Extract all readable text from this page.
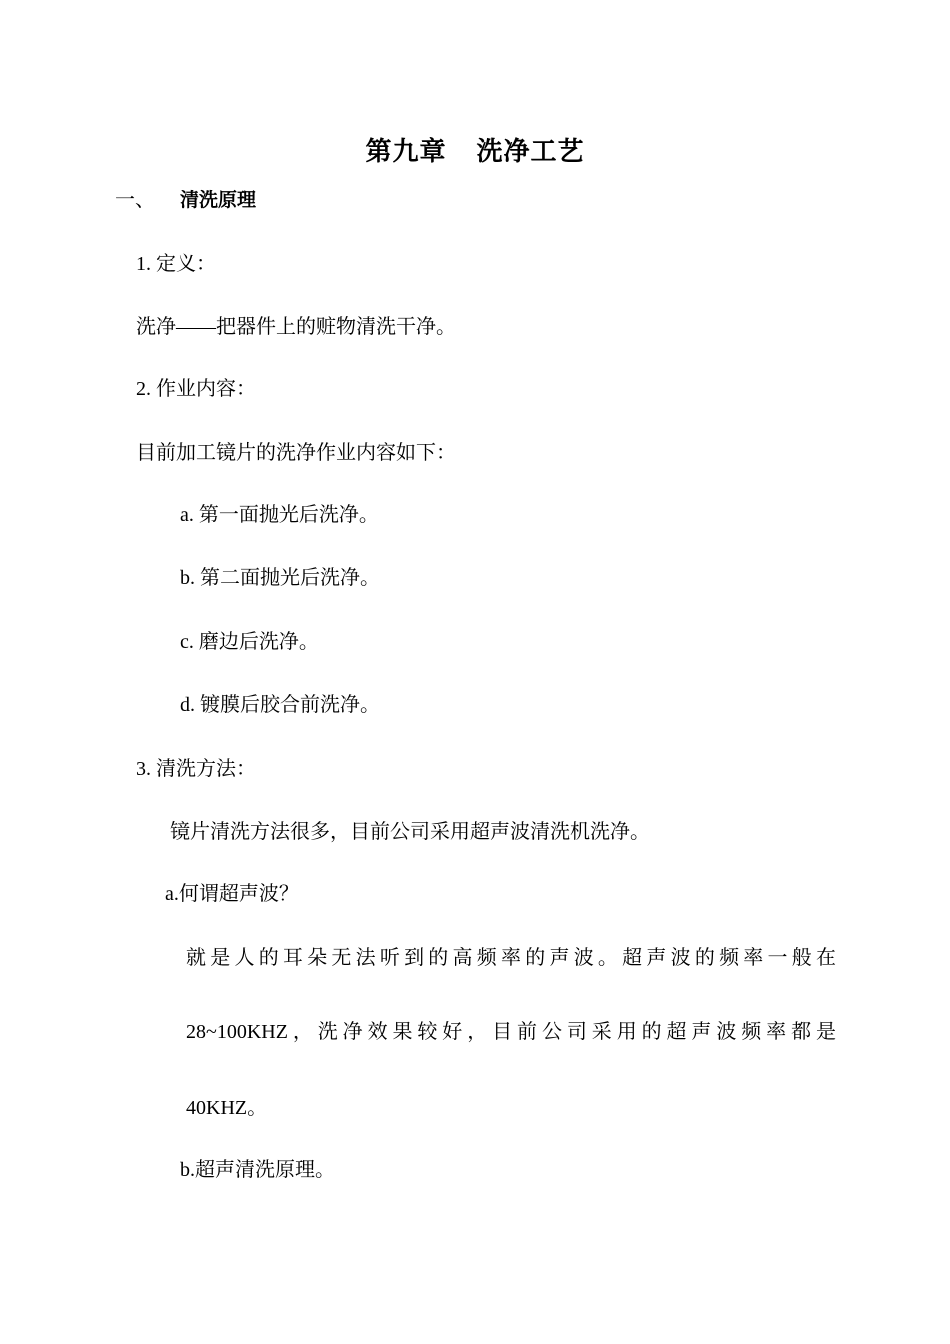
第九章 洗净工艺
一、 清洗原理
1. 定义：
洗净——把器件上的赃物清洗干净。
2. 作业内容：
目前加工镜片的洗净作业内容如下：
a. 第一面抛光后洗净。
b. 第二面抛光后洗净。
c. 磨边后洗净。
d. 镀膜后胶合前洗净。
3. 清洗方法：
镜片清洗方法很多，目前公司采用超声波清洗机洗净。
a.何谓超声波？
就是人的耳朵无法听到的高频率的声波。超声波的频率一般在
28~100KHZ，洗净效果较好，目前公司采用的超声波频率都是
40KHZ。
b.超声清洗原理。
